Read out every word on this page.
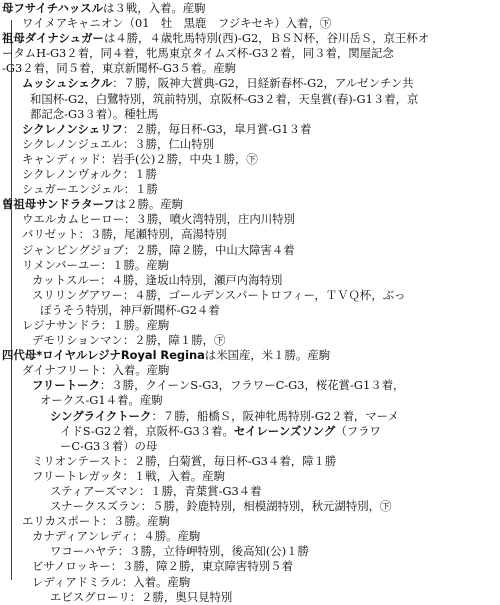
母フサイチハッスルは３戦，入着。産駒
ワイメアキャニオン（01　牡　黒鹿　フジキセキ）入着，㊦
祖母ダイナシュガーは４勝，４歳牝馬特別(西)-G2，ＢＳＮ杯，谷川岳Ｓ，京王杯オ
ータムH-G3２着，同４着，牝馬東京タイムズ杯-G3２着，同３着，関屋記念
-G3２着，同５着，東京新聞杯-G3５着。産駒
ムッシュシェクル：７勝，阪神大賞典-G2，日経新春杯-G2，アルゼンチン共
和国杯-G2，白鷺特別，筑前特別，京阪杯-G3２着，天皇賞(春)-G1３着，京
都記念-G3３着）。種牡馬
シクレノンシェリフ：２勝，毎日杯-G3，皐月賞-G1３着
シクレノンジュエル：３勝，仁山特別
キャンディッド：岩手(公)２勝，中央１勝，㊦
シクレノンヴォルク：１勝
シュガーエンジェル：１勝
曽祖母サンドラターフは２勝。産駒
ウエルカムヒーロー：３勝，噴火湾特別，庄内川特別
バリゼット：３勝，尾瀬特別，高湯特別
ジャンピングジョブ：２勝，障２勝，中山大障害４着
リメンバーユー：１勝。産駒
カットスルー：４勝，逢坂山特別，瀬戸内海特別
スリリングアワー：４勝，ゴールデンスパートロフィー，ＴＶＱ杯，ぶっ
ぽうそう特別，神戸新聞杯-G2４着
レジナサンドラ：１勝。産駒
デモリションマン：２勝，障１勝，㊦
四代母*ロイヤルレジナRoyal Reginaは米国産，米１勝。産駒
ダイナフリート：入着。産駒
フリートーク：３勝，クイーンS-G3，フラワーC-G3，桜花賞-G1３着，
オークス-G1４着。産駒
シングライクトーク：７勝，船橋Ｓ，阪神牝馬特別-G2２着，マーメ
イドS-G2２着，京阪杯-G3３着。セイレーンズソング（フラワ
ーC-G3３着）の母
ミリオンテースト：２勝，白菊賞，毎日杯-G3４着，障１勝
フリートレガッタ：１戦，入着。産駒
スティアーズマン：１勝，青葉賞-G3４着
スナークスズラン：５勝，鈴鹿特別，相模湖特別，秋元湖特別，㊦
エリカスポート：３勝。産駒
カナディアンレディ：４勝。産駒
ワコーハヤテ：３勝，立待岬特別，後高知(公)１勝
ビサノロッキー：３勝，障２勝，東京障害特別５着
レディアドミラル：入着。産駒
エビスグローリ：２勝，奥只見特別
